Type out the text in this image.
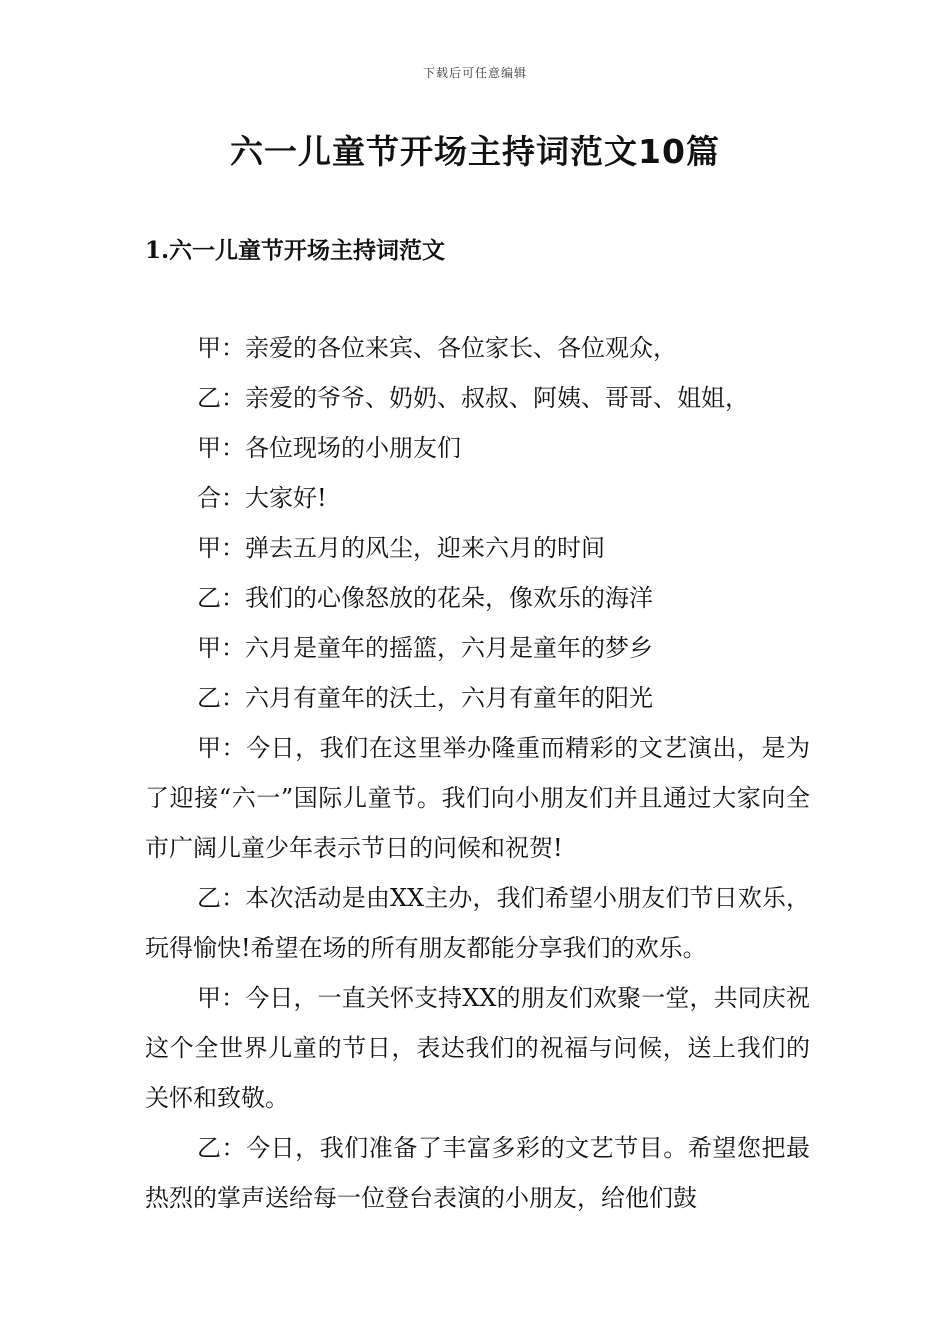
下载后可任意编辑
六一儿童节开场主持词范文10篇
1.六一儿童节开场主持词范文

甲：亲爱的各位来宾、各位家长、各位观众，

乙：亲爱的爷爷、奶奶、叔叔、阿姨、哥哥、姐姐，

甲：各位现场的小朋友们

合：大家好!

甲：弹去五月的风尘，迎来六月的时间

乙：我们的心像怒放的花朵，像欢乐的海洋

甲：六月是童年的摇篮，六月是童年的梦乡

乙：六月有童年的沃土，六月有童年的阳光

甲：今日，我们在这里举办隆重而精彩的文艺演出，是为了迎接“六一”国际儿童节。我们向小朋友们并且通过大家向全市广阔儿童少年表示节日的问候和祝贺!

乙：本次活动是由XX主办，我们希望小朋友们节日欢乐，玩得愉快!希望在场的所有朋友都能分享我们的欢乐。

甲：今日，一直关怀支持XX的朋友们欢聚一堂，共同庆祝这个全世界儿童的节日，表达我们的祝福与问候，送上我们的关怀和致敬。

乙：今日，我们准备了丰富多彩的文艺节目。希望您把最热烈的掌声送给每一位登台表演的小朋友，给他们鼓
